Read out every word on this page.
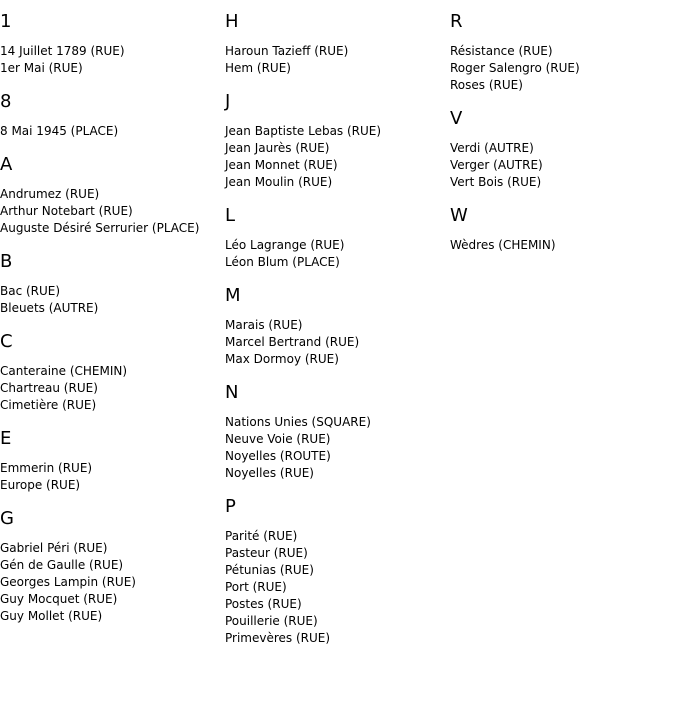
1
14 Juillet 1789 (RUE)
1er Mai (RUE)
8
8 Mai 1945 (PLACE)
A
Andrumez (RUE)
Arthur Notebart (RUE)
Auguste Désiré Serrurier (PLACE)
B
Bac (RUE)
Bleuets (AUTRE)
C
Canteraine (CHEMIN)
Chartreau (RUE)
Cimetière (RUE)
E
Emmerin (RUE)
Europe (RUE)
G
Gabriel Péri (RUE)
Gén de Gaulle (RUE)
Georges Lampin (RUE)
Guy Mocquet (RUE)
Guy Mollet (RUE)
H
Haroun Tazieff (RUE)
Hem (RUE)
J
Jean Baptiste Lebas (RUE)
Jean Jaurès (RUE)
Jean Monnet (RUE)
Jean Moulin (RUE)
L
Léo Lagrange (RUE)
Léon Blum (PLACE)
M
Marais (RUE)
Marcel Bertrand (RUE)
Max Dormoy (RUE)
N
Nations Unies (SQUARE)
Neuve Voie (RUE)
Noyelles (ROUTE)
Noyelles (RUE)
P
Parité (RUE)
Pasteur (RUE)
Pétunias (RUE)
Port (RUE)
Postes (RUE)
Pouillerie (RUE)
Primevères (RUE)
R
Résistance (RUE)
Roger Salengro (RUE)
Roses (RUE)
V
Verdi (AUTRE)
Verger (AUTRE)
Vert Bois (RUE)
W
Wèdres (CHEMIN)
